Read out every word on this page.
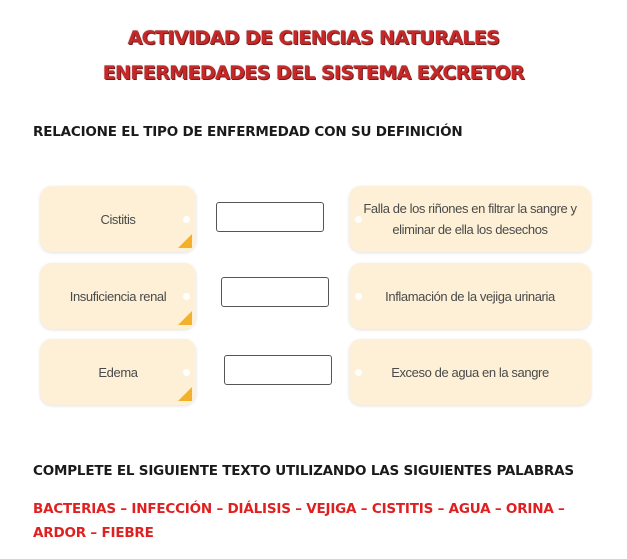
ACTIVIDAD DE CIENCIAS NATURALES
ENFERMEDADES DEL SISTEMA EXCRETOR
RELACIONE EL TIPO DE ENFERMEDAD CON SU DEFINICIÓN
Cistitis
Falla de los riñones en filtrar la sangre y eliminar de ella los desechos
Insuficiencia renal	Inflamación de la vejiga urinaria
Edema	Exceso de agua en la sangre
COMPLETE EL SIGUIENTE TEXTO UTILIZANDO LAS SIGUIENTES PALABRAS
BACTERIAS – INFECCIÓN – DIÁLISIS – VEJIGA – CISTITIS – AGUA – ORINA – ARDOR – FIEBRE
